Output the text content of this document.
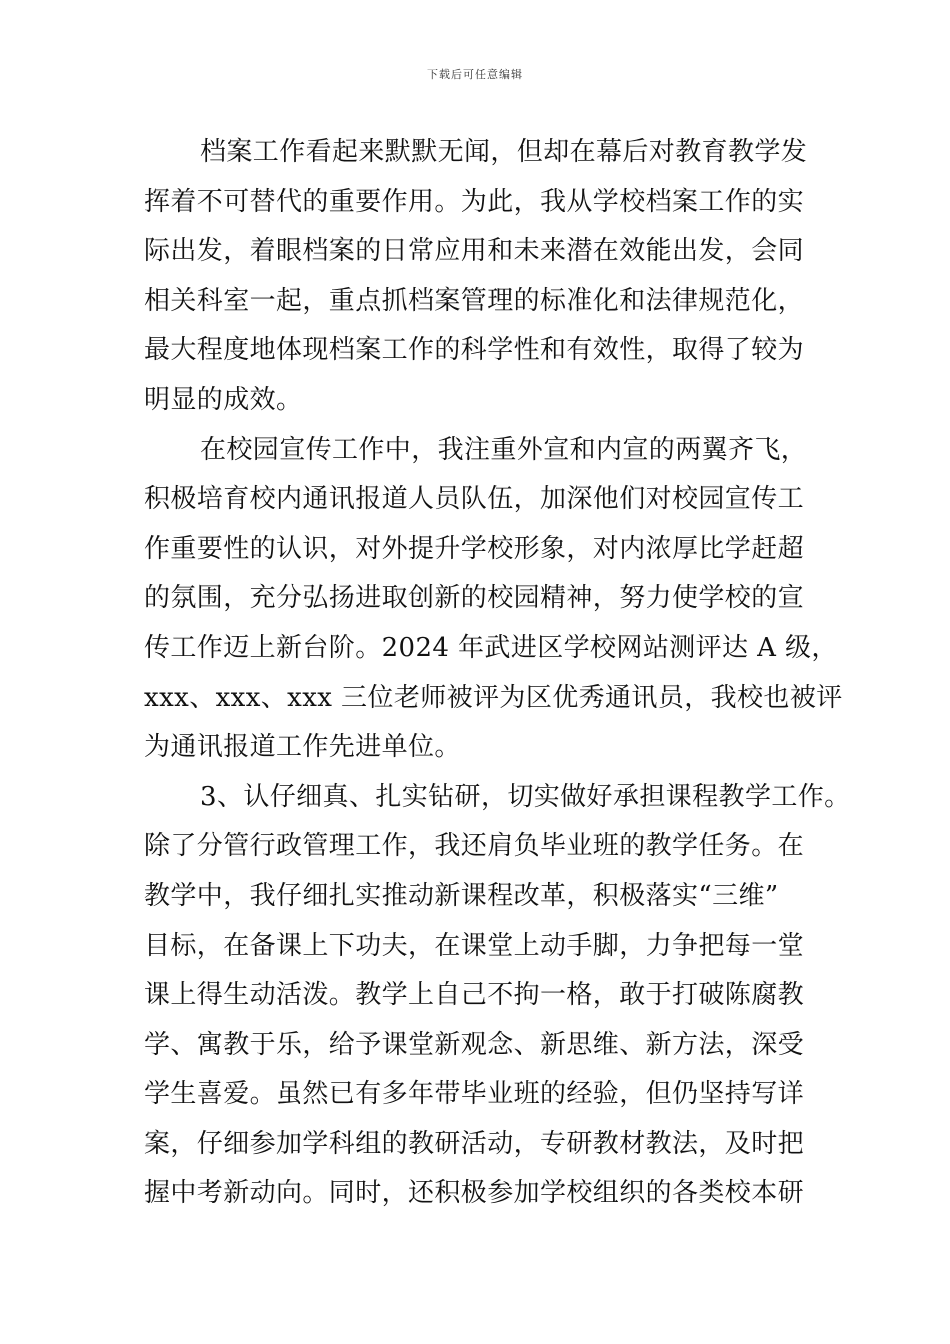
下载后可任意编辑
档案工作看起来默默无闻，但却在幕后对教育教学发
挥着不可替代的重要作用。为此，我从学校档案工作的实
际出发，着眼档案的日常应用和未来潜在效能出发，会同
相关科室一起，重点抓档案管理的标准化和法律规范化，
最大程度地体现档案工作的科学性和有效性，取得了较为
明显的成效。
在校园宣传工作中，我注重外宣和内宣的两翼齐飞，
积极培育校内通讯报道人员队伍，加深他们对校园宣传工
作重要性的认识，对外提升学校形象，对内浓厚比学赶超
的氛围，充分弘扬进取创新的校园精神，努力使学校的宣
传工作迈上新台阶。2024 年武进区学校网站测评达 A 级，
xxx、xxx、xxx 三位老师被评为区优秀通讯员，我校也被评
为通讯报道工作先进单位。
3、认仔细真、扎实钻研，切实做好承担课程教学工作。
除了分管行政管理工作，我还肩负毕业班的教学任务。在
教学中，我仔细扎实推动新课程改革，积极落实“三维”
目标，在备课上下功夫，在课堂上动手脚，力争把每一堂
课上得生动活泼。教学上自己不拘一格，敢于打破陈腐教
学、寓教于乐，给予课堂新观念、新思维、新方法，深受
学生喜爱。虽然已有多年带毕业班的经验，但仍坚持写详
案，仔细参加学科组的教研活动，专研教材教法，及时把
握中考新动向。同时，还积极参加学校组织的各类校本研
